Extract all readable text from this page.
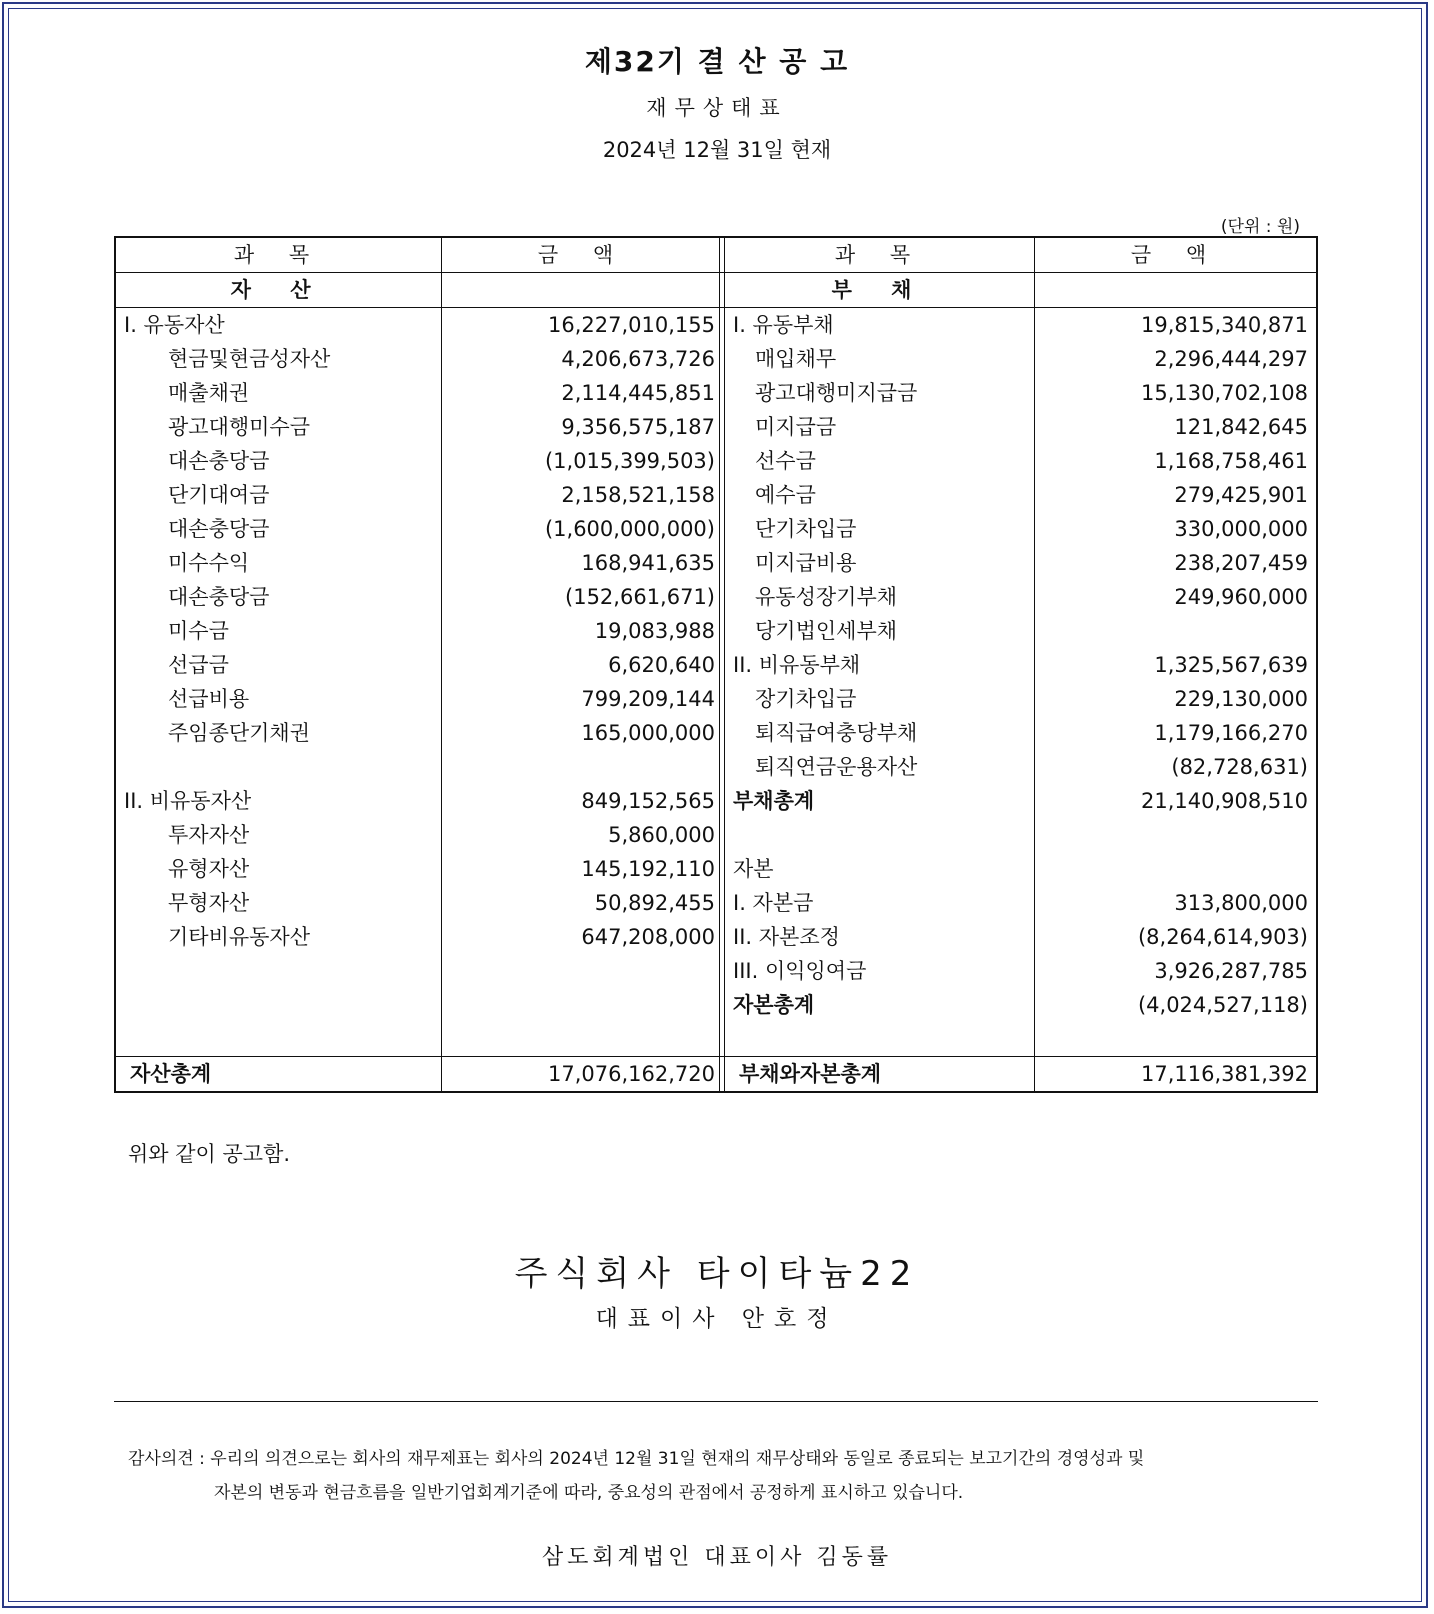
제32기 결 산 공 고
재무상태표
2024년 12월 31일 현재
(단위 : 원)
과 목	금 액		과 목	금 액
자 산			부 채	
I. 유동자산	16,227,010,155		I. 유동부채	19,815,340,871
현금및현금성자산	4,206,673,726		매입채무	2,296,444,297
매출채권	2,114,445,851		광고대행미지급금	15,130,702,108
광고대행미수금	9,356,575,187		미지급금	121,842,645
대손충당금	(1,015,399,503)		선수금	1,168,758,461
단기대여금	2,158,521,158		예수금	279,425,901
대손충당금	(1,600,000,000)		단기차입금	330,000,000
미수수익	168,941,635		미지급비용	238,207,459
대손충당금	(152,661,671)		유동성장기부채	249,960,000
미수금	19,083,988		당기법인세부채	
선급금	6,620,640		II. 비유동부채	1,325,567,639
선급비용	799,209,144		장기차입금	229,130,000
주임종단기채권	165,000,000		퇴직급여충당부채	1,179,166,270
			퇴직연금운용자산	(82,728,631)
II. 비유동자산	849,152,565		부채총계	21,140,908,510
투자자산	5,860,000			
유형자산	145,192,110		자본	
무형자산	50,892,455		I. 자본금	313,800,000
기타비유동자산	647,208,000		II. 자본조정	(8,264,614,903)
			III. 이익잉여금	3,926,287,785
			자본총계	(4,024,527,118)

자산총계	17,076,162,720		부채와자본총계	17,116,381,392
위와 같이 공고함.
주식회사 타이타늄22
대표이사 안호정
감사의견 : 우리의 의견으로는 회사의 재무제표는 회사의 2024년 12월 31일 현재의 재무상태와 동일로 종료되는 보고기간의 경영성과 및
자본의 변동과 현금흐름을 일반기업회계기준에 따라, 중요성의 관점에서 공정하게 표시하고 있습니다.
삼도회계법인 대표이사 김동률
